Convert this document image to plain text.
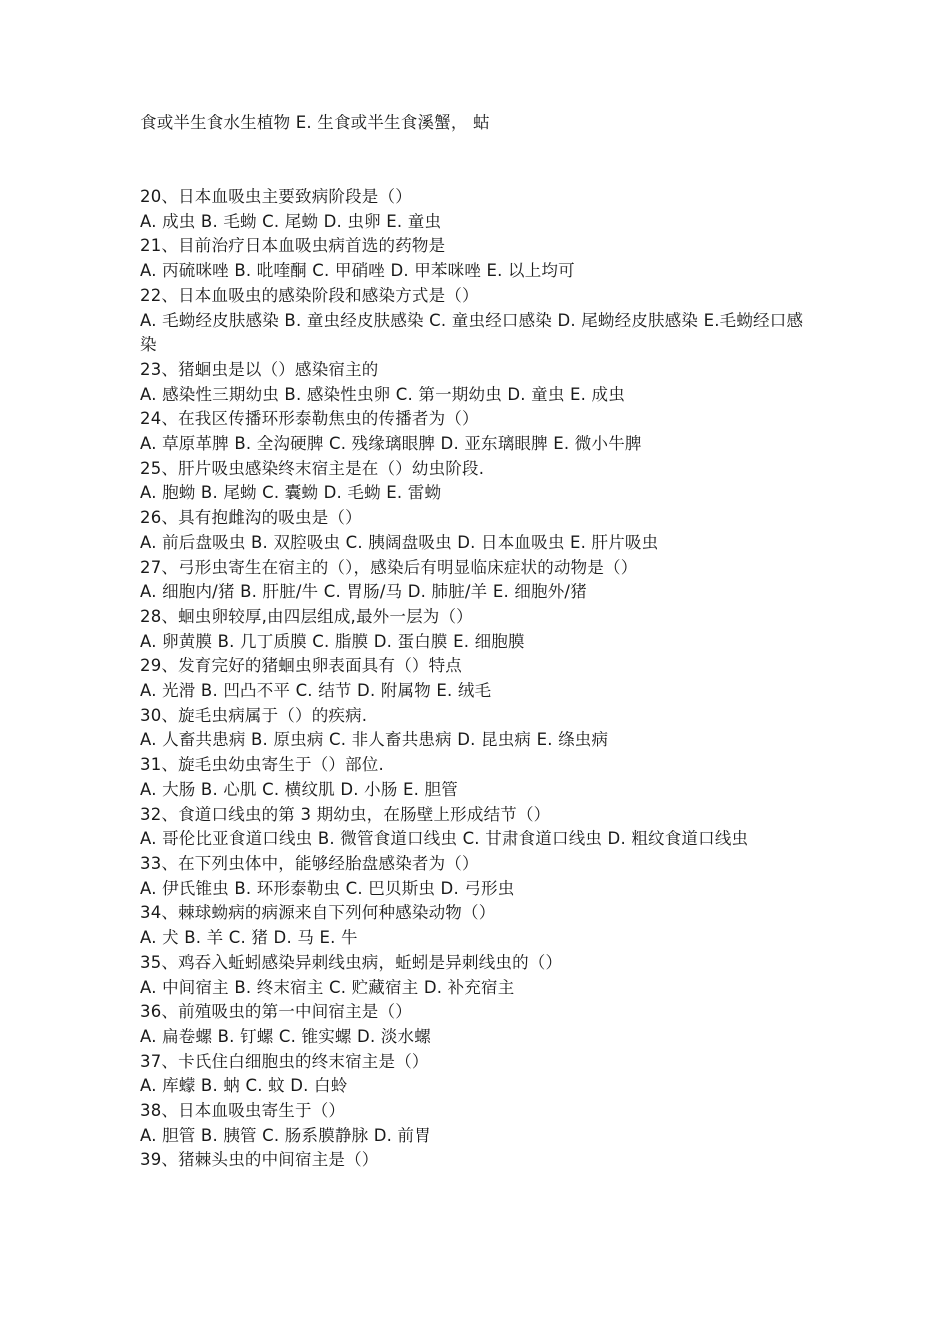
食或半生食水生植物 E. 生食或半生食溪蟹， 蛄
20、日本血吸虫主要致病阶段是（）
A. 成虫 B. 毛蚴 C. 尾蚴 D. 虫卵 E. 童虫
21、目前治疗日本血吸虫病首选的药物是
A. 丙硫咪唑 B. 吡喹酮 C. 甲硝唑 D. 甲苯咪唑 E. 以上均可
22、日本血吸虫的感染阶段和感染方式是（）
A. 毛蚴经皮肤感染 B. 童虫经皮肤感染 C. 童虫经口感染 D. 尾蚴经皮肤感染 E.毛蚴经口感染
23、猪蛔虫是以（）感染宿主的
A. 感染性三期幼虫 B. 感染性虫卵 C. 第一期幼虫 D. 童虫 E. 成虫
24、在我区传播环形泰勒焦虫的传播者为（）
A. 草原革脾 B. 全沟硬脾 C. 残缘璃眼脾 D. 亚东璃眼脾 E. 微小牛脾
25、肝片吸虫感染终末宿主是在（）幼虫阶段.
A. 胞蚴 B. 尾蚴 C. 囊蚴 D. 毛蚴 E. 雷蚴
26、具有抱雌沟的吸虫是（）
A. 前后盘吸虫 B. 双腔吸虫 C. 胰阔盘吸虫 D. 日本血吸虫 E. 肝片吸虫
27、弓形虫寄生在宿主的（），感染后有明显临床症状的动物是（）
A. 细胞内/猪 B. 肝脏/牛 C. 胃肠/马 D. 肺脏/羊 E. 细胞外/猪
28、蛔虫卵较厚,由四层组成,最外一层为（）
A. 卵黄膜 B. 几丁质膜 C. 脂膜 D. 蛋白膜 E. 细胞膜
29、发育完好的猪蛔虫卵表面具有（）特点
A. 光滑 B. 凹凸不平 C. 结节 D. 附属物 E. 绒毛
30、旋毛虫病属于（）的疾病.
A. 人畜共患病 B. 原虫病 C. 非人畜共患病 D. 昆虫病 E. 绦虫病
31、旋毛虫幼虫寄生于（）部位.
A. 大肠 B. 心肌 C. 横纹肌 D. 小肠 E. 胆管
32、食道口线虫的第 3 期幼虫，在肠壁上形成结节（）
A. 哥伦比亚食道口线虫 B. 微管食道口线虫 C. 甘肃食道口线虫 D. 粗纹食道口线虫
33、在下列虫体中，能够经胎盘感染者为（）
A. 伊氏锥虫 B. 环形泰勒虫 C. 巴贝斯虫 D. 弓形虫
34、棘球蚴病的病源来自下列何种感染动物（）
A. 犬 B. 羊 C. 猪 D. 马 E. 牛
35、鸡吞入蚯蚓感染异刺线虫病，蚯蚓是异刺线虫的（）
A. 中间宿主 B. 终末宿主 C. 贮藏宿主 D. 补充宿主
36、前殖吸虫的第一中间宿主是（）
A. 扁卷螺 B. 钉螺 C. 锥实螺 D. 淡水螺
37、卡氏住白细胞虫的终末宿主是（）
A. 库蠓 B. 蚋 C. 蚊 D. 白蛉
38、日本血吸虫寄生于（）
A. 胆管 B. 胰管 C. 肠系膜静脉 D. 前胃
39、猪棘头虫的中间宿主是（）
